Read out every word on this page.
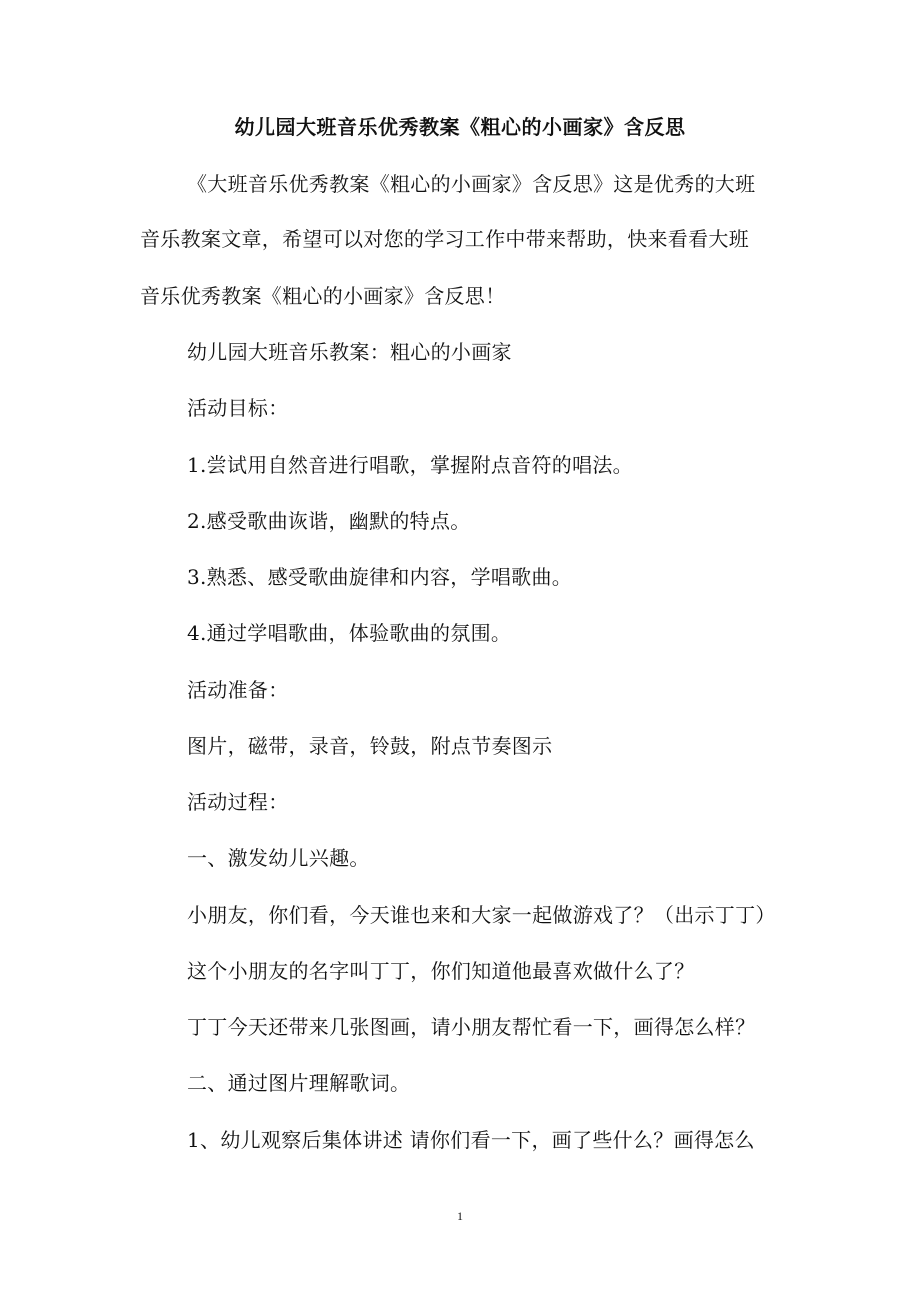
幼儿园大班音乐优秀教案《粗心的小画家》含反思
《大班音乐优秀教案《粗心的小画家》含反思》这是优秀的大班
音乐教案文章，希望可以对您的学习工作中带来帮助，快来看看大班
音乐优秀教案《粗心的小画家》含反思！
幼儿园大班音乐教案：粗心的小画家
活动目标：
1.尝试用自然音进行唱歌，掌握附点音符的唱法。
2.感受歌曲诙谐，幽默的特点。
3.熟悉、感受歌曲旋律和内容，学唱歌曲。
4.通过学唱歌曲，体验歌曲的氛围。
活动准备：
图片，磁带，录音，铃鼓，附点节奏图示
活动过程：
一、激发幼儿兴趣。
小朋友，你们看，今天谁也来和大家一起做游戏了？（出示丁丁）
这个小朋友的名字叫丁丁，你们知道他最喜欢做什么了？
丁丁今天还带来几张图画，请小朋友帮忙看一下，画得怎么样？
二、通过图片理解歌词。
1、幼儿观察后集体讲述 请你们看一下，画了些什么？画得怎么
1
